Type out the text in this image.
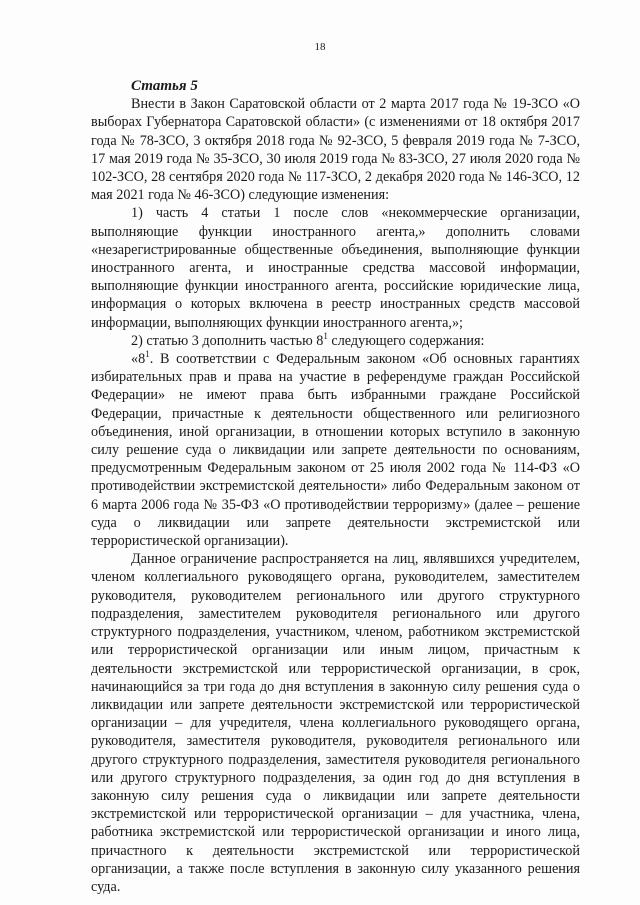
18
Статья 5

Внести в Закон Саратовской области от 2 марта 2017 года № 19-ЗСО «О выборах Губернатора Саратовской области» (с изменениями от 18 октября 2017 года № 78-ЗСО, 3 октября 2018 года № 92-ЗСО, 5 февраля 2019 года № 7-ЗСО, 17 мая 2019 года № 35-ЗСО, 30 июля 2019 года № 83-ЗСО, 27 июля 2020 года № 102-ЗСО, 28 сентября 2020 года № 117-ЗСО, 2 декабря 2020 года № 146-ЗСО, 12 мая 2021 года № 46-ЗСО) следующие изменения:

1) часть 4 статьи 1 после слов «некоммерческие организации, выполняющие функции иностранного агента,» дополнить словами «незарегистрированные общественные объединения, выполняющие функции иностранного агента, и иностранные средства массовой информации, выполняющие функции иностранного агента, российские юридические лица, информация о которых включена в реестр иностранных средств массовой информации, выполняющих функции иностранного агента,»;

2) статью 3 дополнить частью $8^1$ следующего содержания:

«$8^1$. В соответствии с Федеральным законом «Об основных гарантиях избирательных прав и права на участие в референдуме граждан Российской Федерации» не имеют права быть избранными граждане Российской Федерации, причастные к деятельности общественного или религиозного объединения, иной организации, в отношении которых вступило в законную силу решение суда о ликвидации или запрете деятельности по основаниям, предусмотренным Федеральным законом от 25 июля 2002 года № 114-ФЗ «О противодействии экстремистской деятельности» либо Федеральным законом от 6 марта 2006 года № 35-ФЗ «О противодействии терроризму» (далее – решение суда о ликвидации или запрете деятельности экстремистской или террористической организации).

Данное ограничение распространяется на лиц, являвшихся учредителем, членом коллегиального руководящего органа, руководителем, заместителем руководителя, руководителем регионального или другого структурного подразделения, заместителем руководителя регионального или другого структурного подразделения, участником, членом, работником экстремистской или террористической организации или иным лицом, причастным к деятельности экстремистской или террористической организации, в срок, начинающийся за три года до дня вступления в законную силу решения суда о ликвидации или запрете деятельности экстремистской или террористической организации – для учредителя, члена коллегиального руководящего органа, руководителя, заместителя руководителя, руководителя регионального или другого структурного подразделения, заместителя руководителя регионального или другого структурного подразделения, за один год до дня вступления в законную силу решения суда о ликвидации или запрете деятельности экстремистской или террористической организации – для участника, члена, работника экстремистской или террористической организации и иного лица, причастного к деятельности экстремистской или террористической организации, а также после вступления в законную силу указанного решения суда.
